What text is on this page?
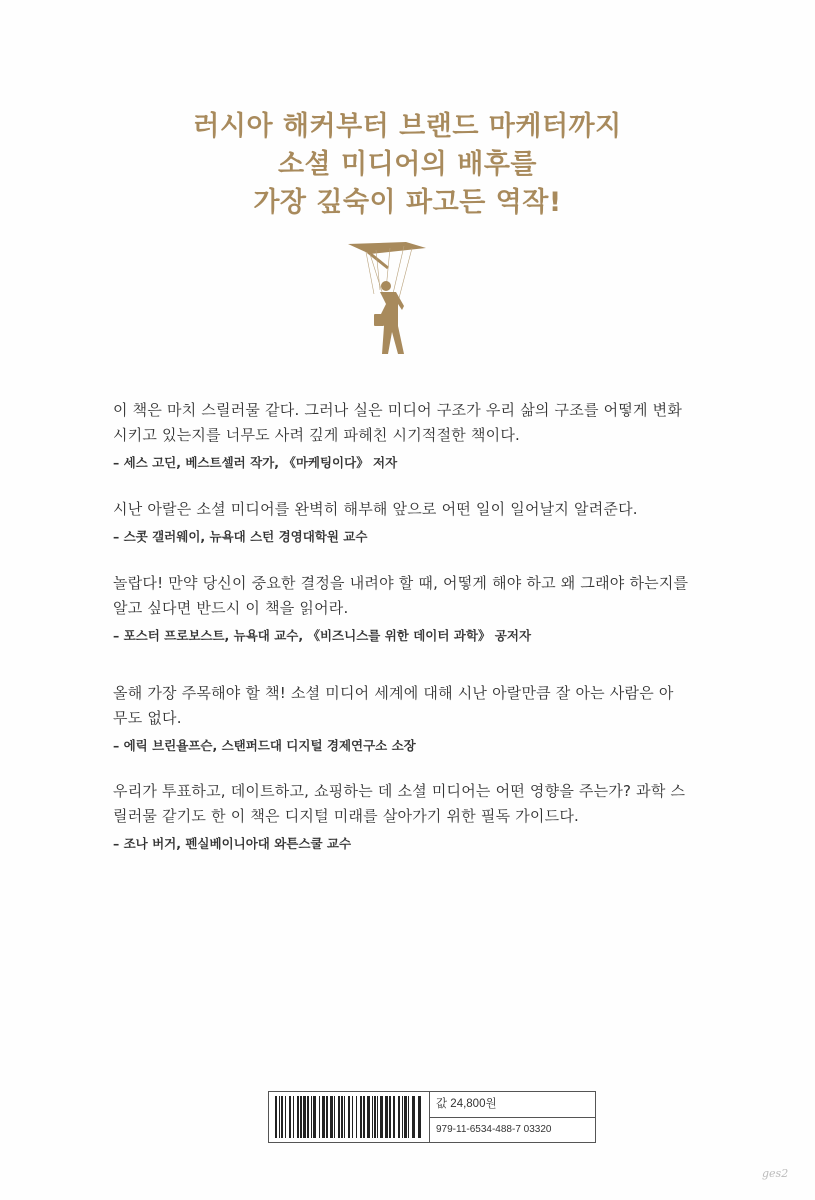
러시아 해커부터 브랜드 마케터까지
소셜 미디어의 배후를
가장 깊숙이 파고든 역작!
이 책은 마치 스릴러물 같다. 그러나 실은 미디어 구조가 우리 삶의 구조를 어떻게 변화
시키고 있는지를 너무도 사려 깊게 파헤친 시기적절한 책이다.
– 세스 고딘, 베스트셀러 작가, 《마케팅이다》 저자
시난 아랄은 소셜 미디어를 완벽히 해부해 앞으로 어떤 일이 일어날지 알려준다.
– 스콧 갤러웨이, 뉴욕대 스턴 경영대학원 교수
놀랍다! 만약 당신이 중요한 결정을 내려야 할 때, 어떻게 해야 하고 왜 그래야 하는지를
알고 싶다면 반드시 이 책을 읽어라.
– 포스터 프로보스트, 뉴욕대 교수, 《비즈니스를 위한 데이터 과학》 공저자
올해 가장 주목해야 할 책! 소셜 미디어 세계에 대해 시난 아랄만큼 잘 아는 사람은 아
무도 없다.
– 에릭 브린욜프슨, 스탠퍼드대 디지털 경제연구소 소장
우리가 투표하고, 데이트하고, 쇼핑하는 데 소셜 미디어는 어떤 영향을 주는가? 과학 스
릴러물 같기도 한 이 책은 디지털 미래를 살아가기 위한 필독 가이드다.
– 조나 버거, 펜실베이니아대 와튼스쿨 교수
값 24,800원
979-11-6534-488-7 03320
ges2
